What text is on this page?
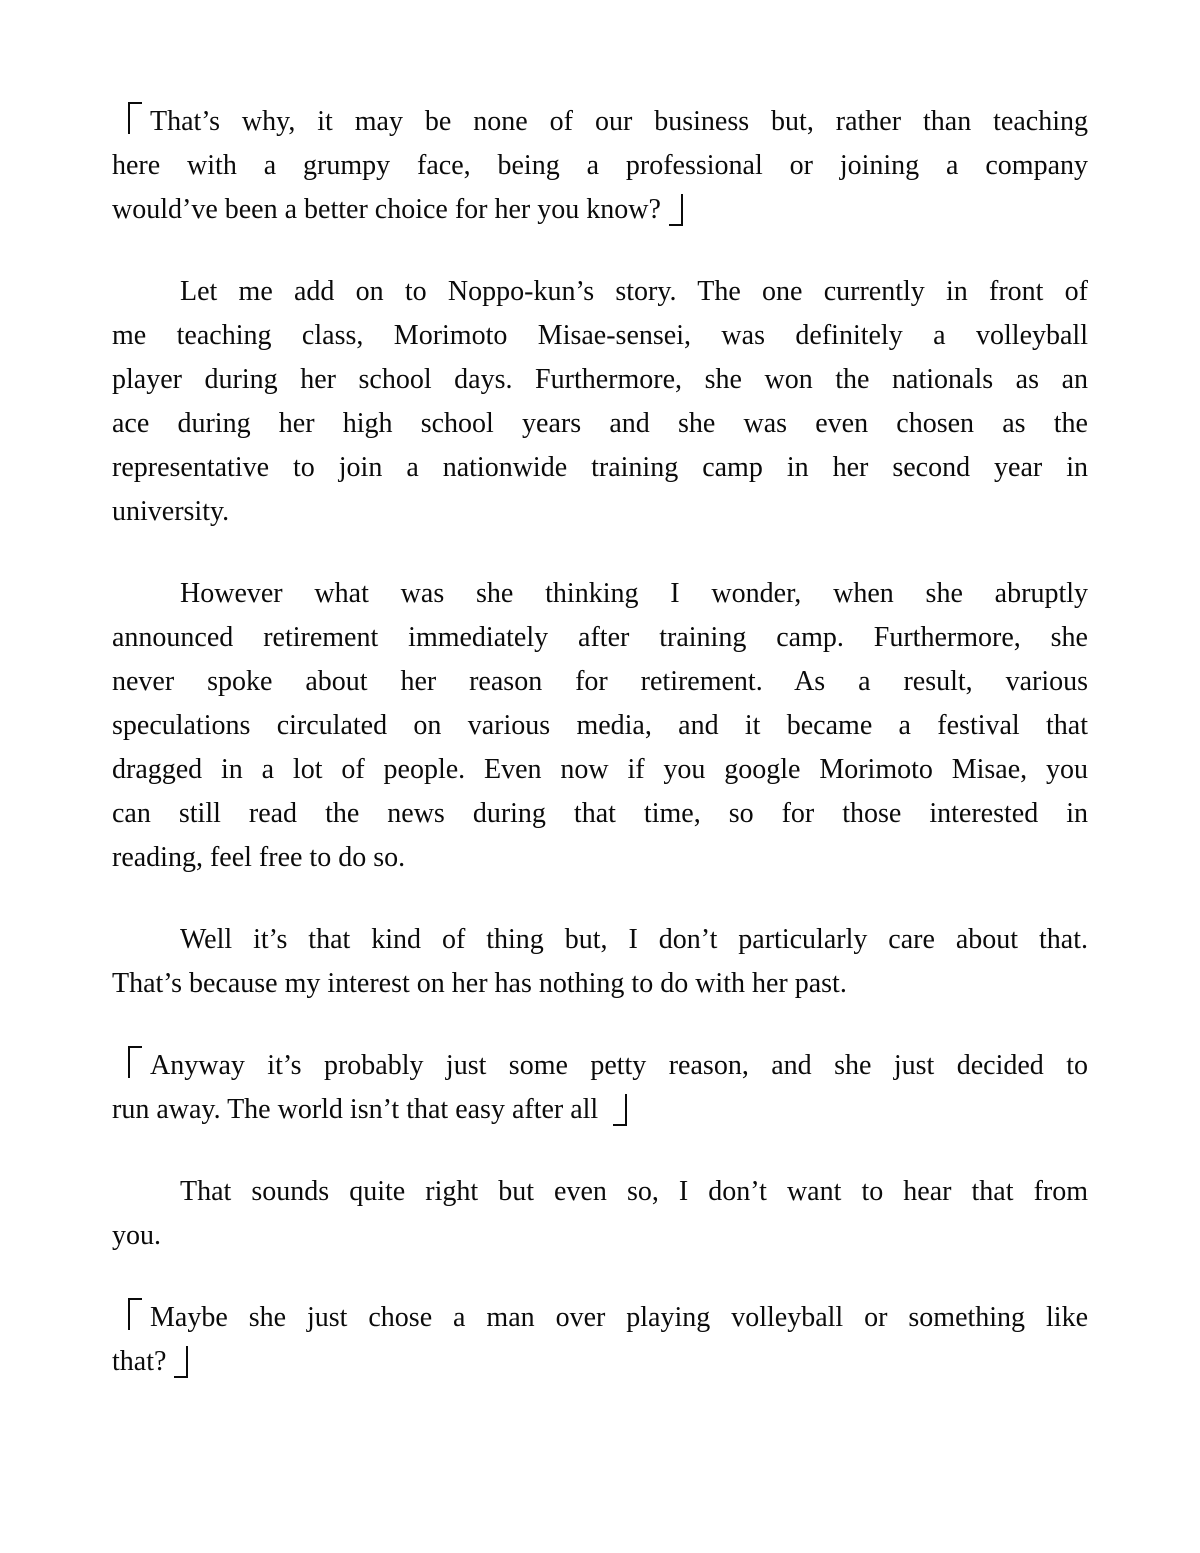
That’s why, it may be none of our business but, rather than teaching
here with a grumpy face, being a professional or joining a company
would’ve been a better choice for her you know?
Let me add on to Noppo-kun’s story. The one currently in front of
me teaching class, Morimoto Misae-sensei, was definitely a volleyball
player during her school days. Furthermore, she won the nationals as an
ace during her high school years and she was even chosen as the
representative to join a nationwide training camp in her second year in
university.
However what was she thinking I wonder, when she abruptly
announced retirement immediately after training camp. Furthermore, she
never spoke about her reason for retirement. As a result, various
speculations circulated on various media, and it became a festival that
dragged in a lot of people. Even now if you google Morimoto Misae, you
can still read the news during that time, so for those interested in
reading, feel free to do so.
Well it’s that kind of thing but, I don’t particularly care about that.
That’s because my interest on her has nothing to do with her past.
Anyway it’s probably just some petty reason, and she just decided to
run away. The world isn’t that easy after all
That sounds quite right but even so, I don’t want to hear that from
you.
Maybe she just chose a man over playing volleyball or something like
that?
